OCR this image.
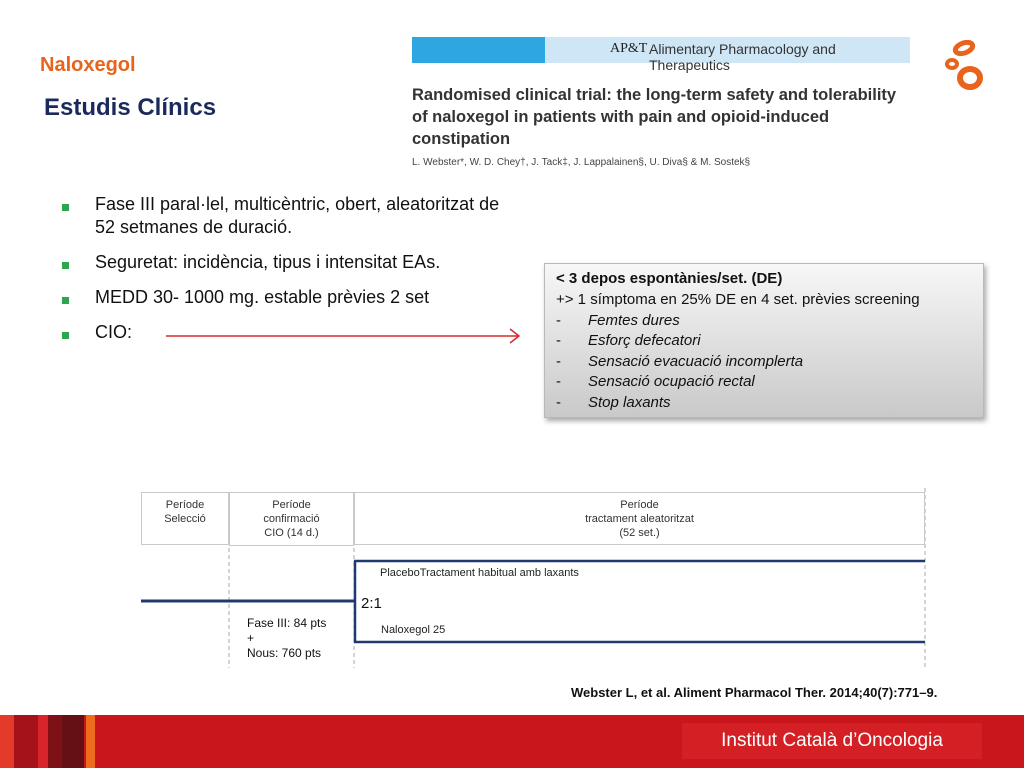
Naloxegol
Estudis Clínics
AP&T Alimentary Pharmacology and Therapeutics
Randomised clinical trial: the long-term safety and tolerability of naloxegol in patients with pain and opioid-induced constipation
L. Webster*, W. D. Chey†, J. Tack‡, J. Lappalainen§, U. Diva§ & M. Sostek§
Fase III paral·lel, multicèntric, obert, aleatoritzat de
52 setmanes de duració.
Seguretat: incidència, tipus i intensitat EAs.
MEDD 30- 1000 mg. estable prèvies 2 set
CIO:
< 3 depos espontànies/set. (DE)
+> 1 símptoma en 25% DE en 4 set. prèvies screening
- Femtes dures
- Esforç defecatori
- Sensació evacuació incomplerta
- Sensació ocupació rectal
- Stop laxants
Període
Selecció
Període
confirmació
CIO (14 d.)
Període
tractament aleatoritzat
(52 set.)
PlaceboTractament habitual amb laxants
2:1
Naloxegol 25
Fase III: 84 pts
+
Nous: 760 pts
Webster L, et al. Aliment Pharmacol Ther. 2014;40(7):771–9.
Institut Català d’Oncologia
